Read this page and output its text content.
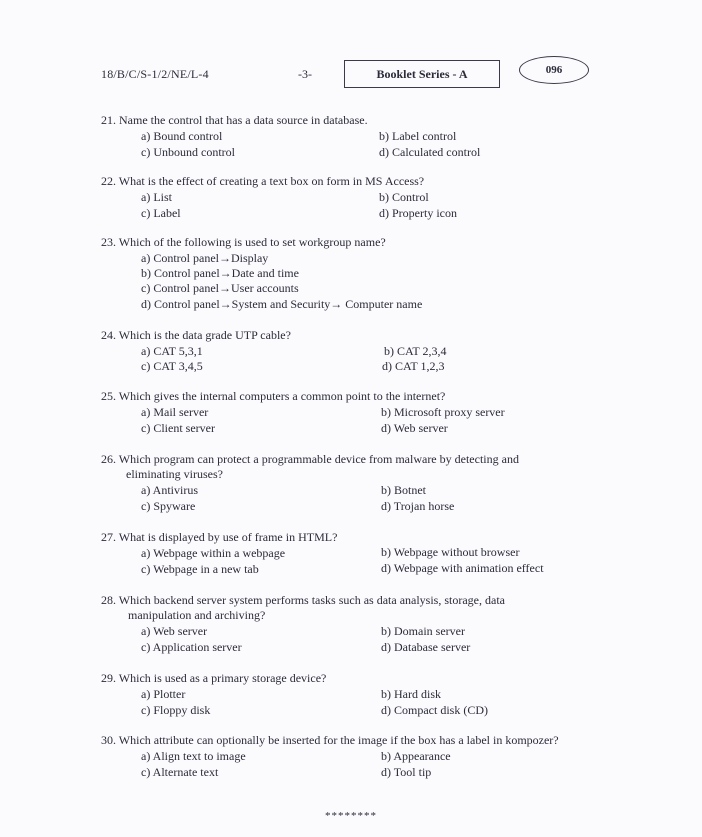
18/B/C/S-1/2/NE/L-4	-3-	Booklet Series - A	096
21. Name the control that has a data source in database.
a) Bound control	b) Label control
c) Unbound control	d) Calculated control
22. What is the effect of creating a text box on form in MS Access?
a) List	b) Control
c) Label	d) Property icon
23. Which of the following is used to set workgroup name?
a) Control panel→Display
b) Control panel→Date and time
c) Control panel→User accounts
d) Control panel→System and Security→ Computer name
24. Which is the data grade UTP cable?
a) CAT 5,3,1	b) CAT 2,3,4
c) CAT 3,4,5	d) CAT 1,2,3
25. Which gives the internal computers a common point to the internet?
a) Mail server	b) Microsoft proxy server
c) Client server	d) Web server
26. Which program can protect a programmable device from malware by detecting and
eliminating viruses?
a) Antivirus	b) Botnet
c) Spyware	d) Trojan horse
27. What is displayed by use of frame in HTML?
a) Webpage within a webpage	b) Webpage without browser
c) Webpage in a new tab	d) Webpage with animation effect
28. Which backend server system performs tasks such as data analysis, storage, data
manipulation and archiving?
a) Web server	b) Domain server
c) Application server	d) Database server
29. Which is used as a primary storage device?
a) Plotter	b) Hard disk
c) Floppy disk	d) Compact disk (CD)
30. Which attribute can optionally be inserted for the image if the box has a label in kompozer?
a) Align text to image	b) Appearance
c) Alternate text	d) Tool tip
********
